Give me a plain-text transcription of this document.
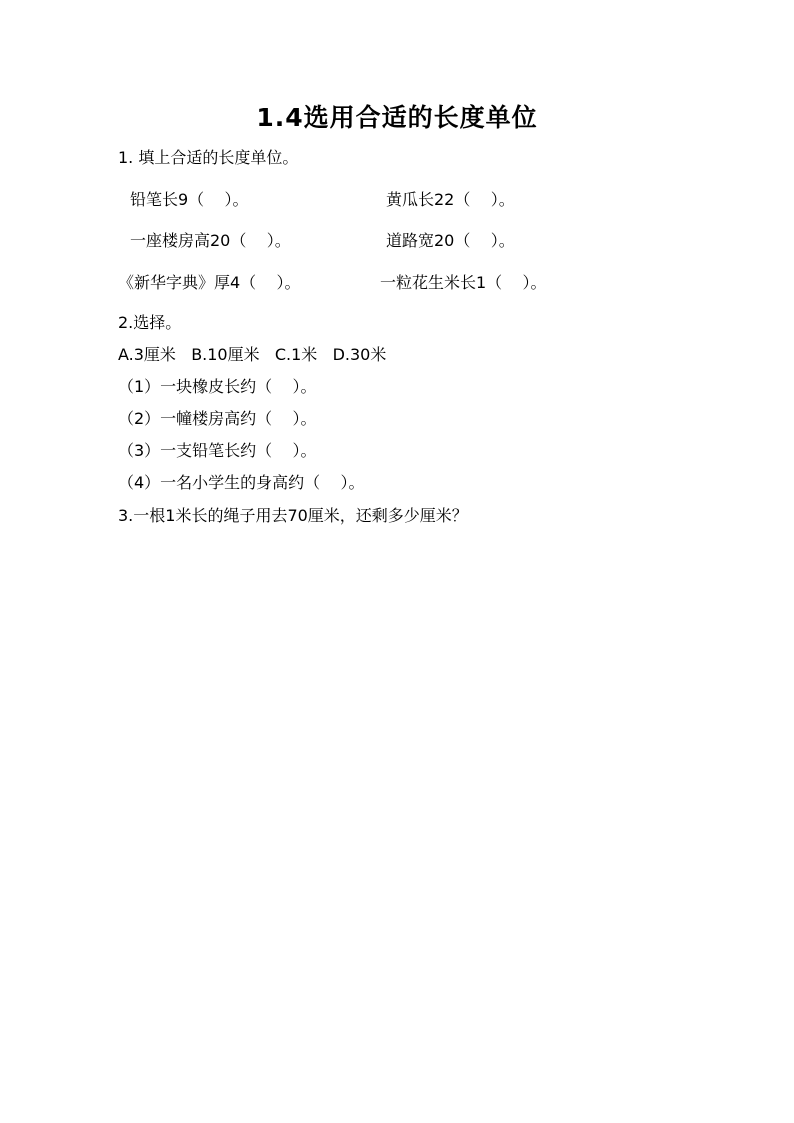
1.4选用合适的长度单位
1. 填上合适的长度单位。
铅笔长9（    ）。	黄瓜长22（    ）。
一座楼房高20（    ）。	道路宽20（    ）。
《新华字典》厚4（    ）。	一粒花生米长1（    ）。
2.选择。
A.3厘米   B.10厘米   C.1米   D.30米
（1）一块橡皮长约（    ）。
（2）一幢楼房高约（    ）。
（3）一支铅笔长约（    ）。
（4）一名小学生的身高约（    ）。
3.一根1米长的绳子用去70厘米，还剩多少厘米？
